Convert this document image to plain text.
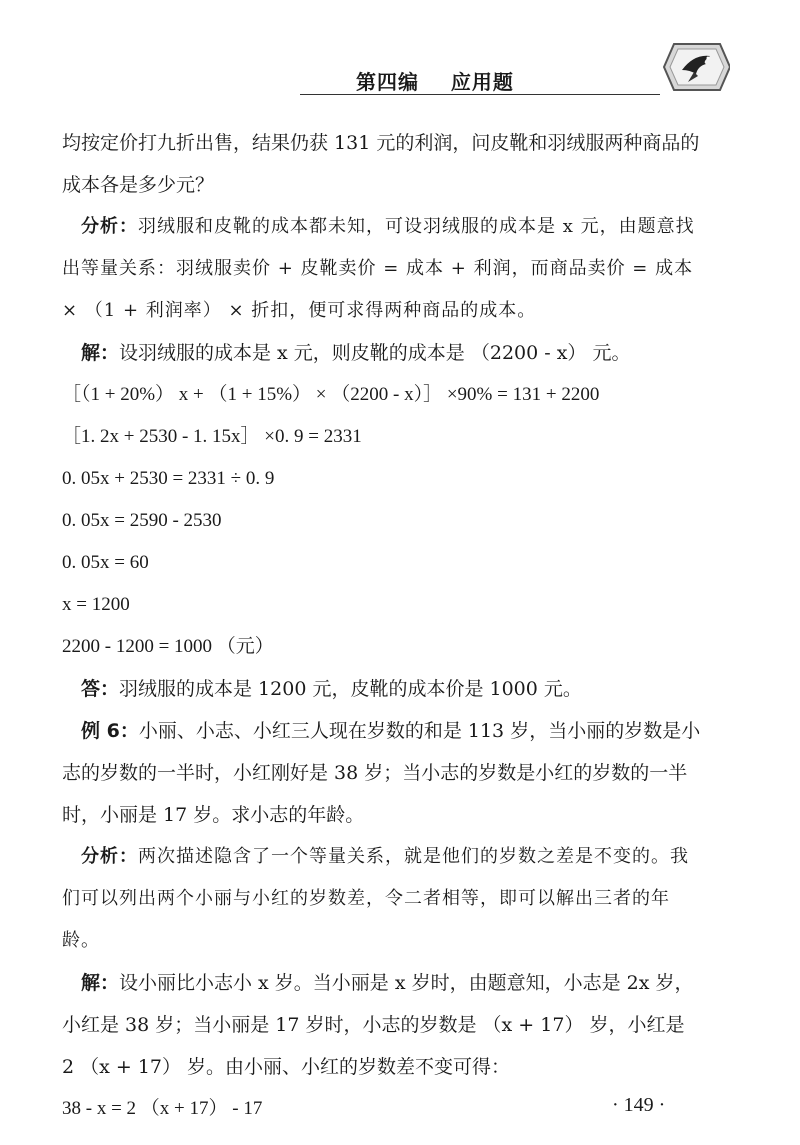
第四编    应用题

均按定价打九折出售，结果仍获 131 元的利润，问皮靴和羽绒服两种商品的成本各是多少元？

分析：羽绒服和皮靴的成本都未知，可设羽绒服的成本是 x 元，由题意找出等量关系：羽绒服卖价 + 皮靴卖价 = 成本 + 利润，而商品卖价 = 成本 × （1 + 利润率） × 折扣，便可求得两种商品的成本。

解：设羽绒服的成本是 x 元，则皮靴的成本是 （2200 - x） 元。

［（1 + 20%） x + （1 + 15%） × （2200 - x）］ ×90% = 131 + 2200

［1. 2x + 2530 - 1. 15x］ ×0. 9 = 2331

0. 05x + 2530 = 2331 ÷ 0. 9

0. 05x = 2590 - 2530

0. 05x = 60

x = 1200

2200 - 1200 = 1000 （元）

答：羽绒服的成本是 1200 元，皮靴的成本价是 1000 元。

例 6：小丽、小志、小红三人现在岁数的和是 113 岁，当小丽的岁数是小志的岁数的一半时，小红刚好是 38 岁；当小志的岁数是小红的岁数的一半时，小丽是 17 岁。求小志的年龄。

分析：两次描述隐含了一个等量关系，就是他们的岁数之差是不变的。我们可以列出两个小丽与小红的岁数差，令二者相等，即可以解出三者的年龄。

解：设小丽比小志小 x 岁。当小丽是 x 岁时，由题意知，小志是 2x 岁，小红是 38 岁；当小丽是 17 岁时，小志的岁数是 （x + 17） 岁，小红是 2 （x + 17） 岁。由小丽、小红的岁数差不变可得：

38 - x = 2 （x + 17） - 17	· 149 ·
